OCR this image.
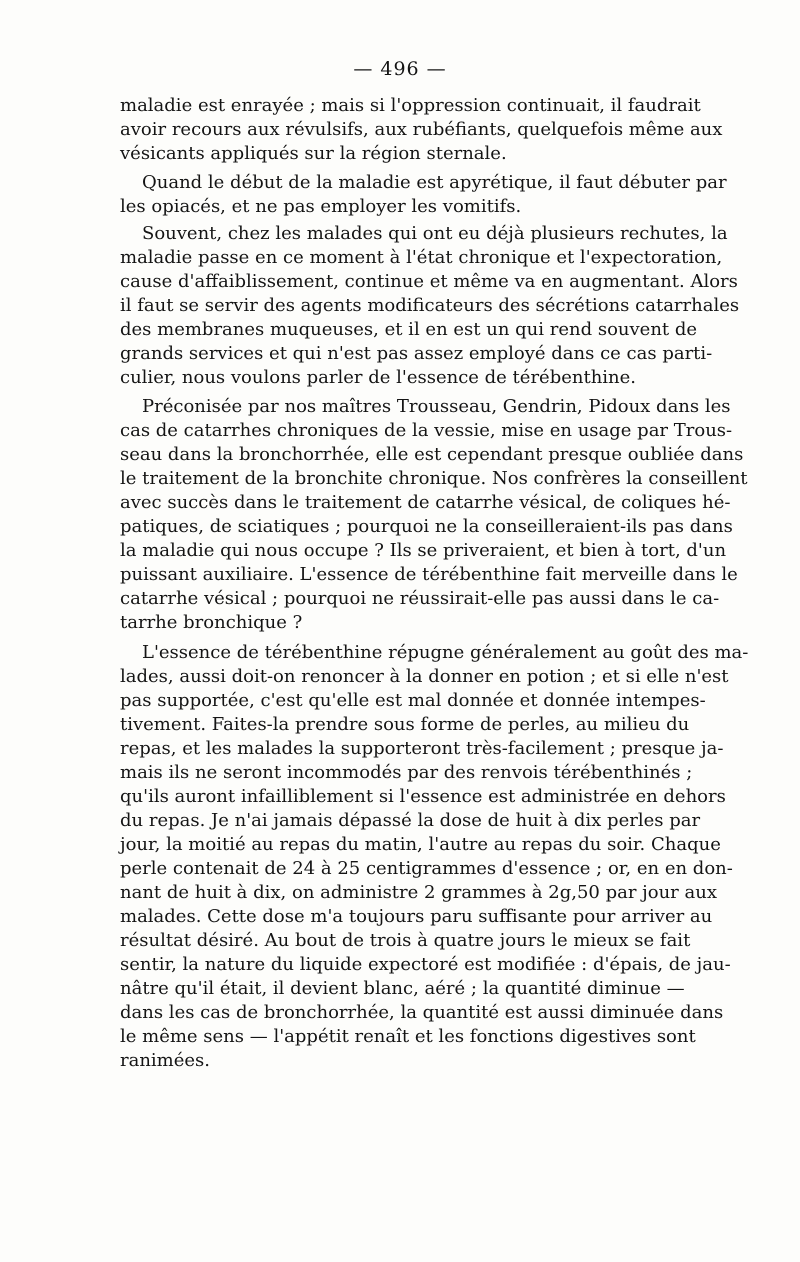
— 496 —
maladie est enrayée ; mais si l'oppression continuait, il faudrait
avoir recours aux révulsifs, aux rubéfiants, quelquefois même aux
vésicants appliqués sur la région sternale.
Quand le début de la maladie est apyrétique, il faut débuter par
les opiacés, et ne pas employer les vomitifs.
Souvent, chez les malades qui ont eu déjà plusieurs rechutes, la
maladie passe en ce moment à l'état chronique et l'expectoration,
cause d'affaiblissement, continue et même va en augmentant. Alors
il faut se servir des agents modificateurs des sécrétions catarrhales
des membranes muqueuses, et il en est un qui rend souvent de
grands services et qui n'est pas assez employé dans ce cas parti-
culier, nous voulons parler de l'essence de térébenthine.
Préconisée par nos maîtres Trousseau, Gendrin, Pidoux dans les
cas de catarrhes chroniques de la vessie, mise en usage par Trous-
seau dans la bronchorrhée, elle est cependant presque oubliée dans
le traitement de la bronchite chronique. Nos confrères la conseillent
avec succès dans le traitement de catarrhe vésical, de coliques hé-
patiques, de sciatiques ; pourquoi ne la conseilleraient-ils pas dans
la maladie qui nous occupe ? Ils se priveraient, et bien à tort, d'un
puissant auxiliaire. L'essence de térébenthine fait merveille dans le
catarrhe vésical ; pourquoi ne réussirait-elle pas aussi dans le ca-
tarrhe bronchique ?
L'essence de térébenthine répugne généralement au goût des ma-
lades, aussi doit-on renoncer à la donner en potion ; et si elle n'est
pas supportée, c'est qu'elle est mal donnée et donnée intempes-
tivement. Faites-la prendre sous forme de perles, au milieu du
repas, et les malades la supporteront très-facilement ; presque ja-
mais ils ne seront incommodés par des renvois térébenthinés ;
qu'ils auront infailliblement si l'essence est administrée en dehors
du repas. Je n'ai jamais dépassé la dose de huit à dix perles par
jour, la moitié au repas du matin, l'autre au repas du soir. Chaque
perle contenait de 24 à 25 centigrammes d'essence ; or, en en don-
nant de huit à dix, on administre 2 grammes à 2g,50 par jour aux
malades. Cette dose m'a toujours paru suffisante pour arriver au
résultat désiré. Au bout de trois à quatre jours le mieux se fait
sentir, la nature du liquide expectoré est modifiée : d'épais, de jau-
nâtre qu'il était, il devient blanc, aéré ; la quantité diminue —
dans les cas de bronchorrhée, la quantité est aussi diminuée dans
le même sens — l'appétit renaît et les fonctions digestives sont
ranimées.
